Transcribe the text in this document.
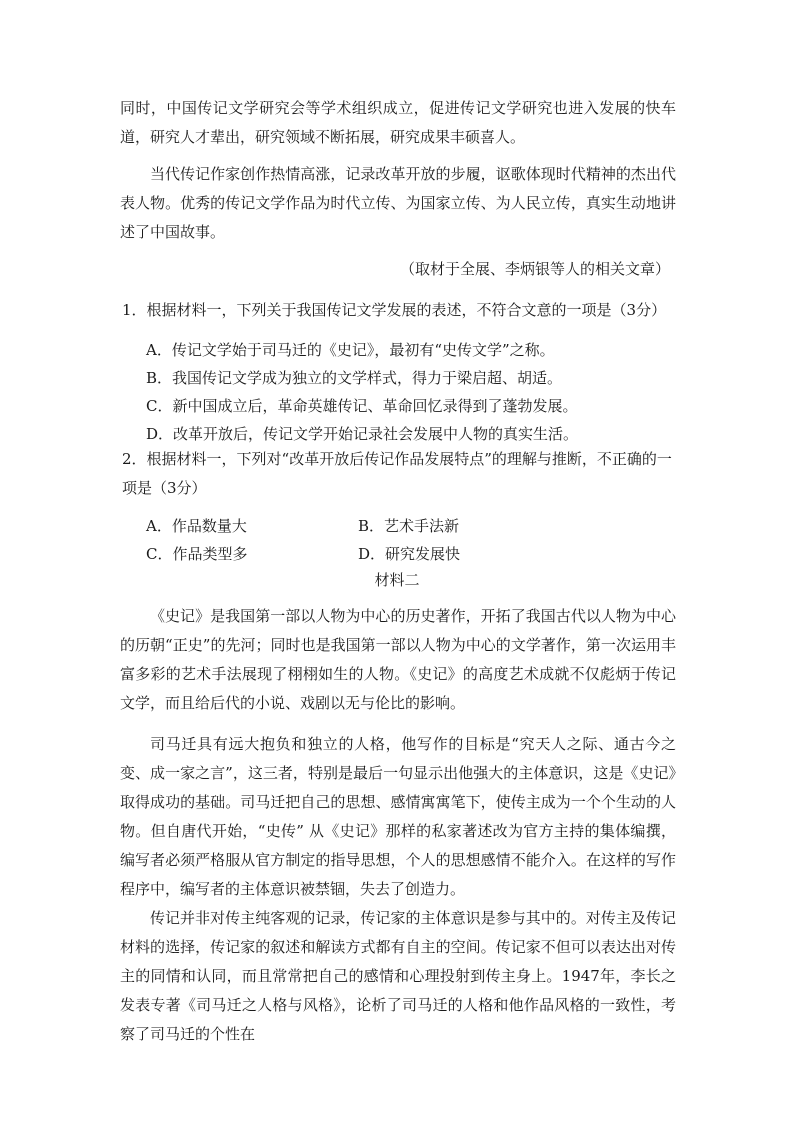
同时，中国传记文学研究会等学术组织成立，促进传记文学研究也进入发展的快车道，研究人才辈出，研究领域不断拓展，研究成果丰硕喜人。

当代传记作家创作热情高涨，记录改革开放的步履，讴歌体现时代精神的杰出代表人物。优秀的传记文学作品为时代立传、为国家立传、为人民立传，真实生动地讲述了中国故事。

（取材于全展、李炳银等人的相关文章）

1．根据材料一，下列关于我国传记文学发展的表述，不符合文意的一项是（3分）

A．传记文学始于司马迁的《史记》，最初有“史传文学”之称。

B．我国传记文学成为独立的文学样式，得力于梁启超、胡适。

C．新中国成立后，革命英雄传记、革命回忆录得到了蓬勃发展。

D．改革开放后，传记文学开始记录社会发展中人物的真实生活。

2．根据材料一，下列对“改革开放后传记作品发展特点”的理解与推断，不正确的一项是（3分）

A．作品数量大	B．艺术手法新

C．作品类型多	D．研究发展快

材料二

《史记》是我国第一部以人物为中心的历史著作，开拓了我国古代以人物为中心的历朝“正史”的先河；同时也是我国第一部以人物为中心的文学著作，第一次运用丰富多彩的艺术手法展现了栩栩如生的人物。《史记》的高度艺术成就不仅彪炳于传记文学，而且给后代的小说、戏剧以无与伦比的影响。

司马迁具有远大抱负和独立的人格，他写作的目标是“究天人之际、通古今之变、成一家之言”，这三者，特别是最后一句显示出他强大的主体意识，这是《史记》取得成功的基础。司马迁把自己的思想、感情寓寓笔下，使传主成为一个个生动的人物。但自唐代开始，“史传” 从《史记》那样的私家著述改为官方主持的集体编撰，编写者必须严格服从官方制定的指导思想，个人的思想感情不能介入。在这样的写作程序中，编写者的主体意识被禁锢，失去了创造力。

传记并非对传主纯客观的记录，传记家的主体意识是参与其中的。对传主及传记材料的选择，传记家的叙述和解读方式都有自主的空间。传记家不但可以表达出对传主的同情和认同，而且常常把自己的感情和心理投射到传主身上。1947年，李长之发表专著《司马迁之人格与风格》，论析了司马迁的人格和他作品风格的一致性，考察了司马迁的个性在
